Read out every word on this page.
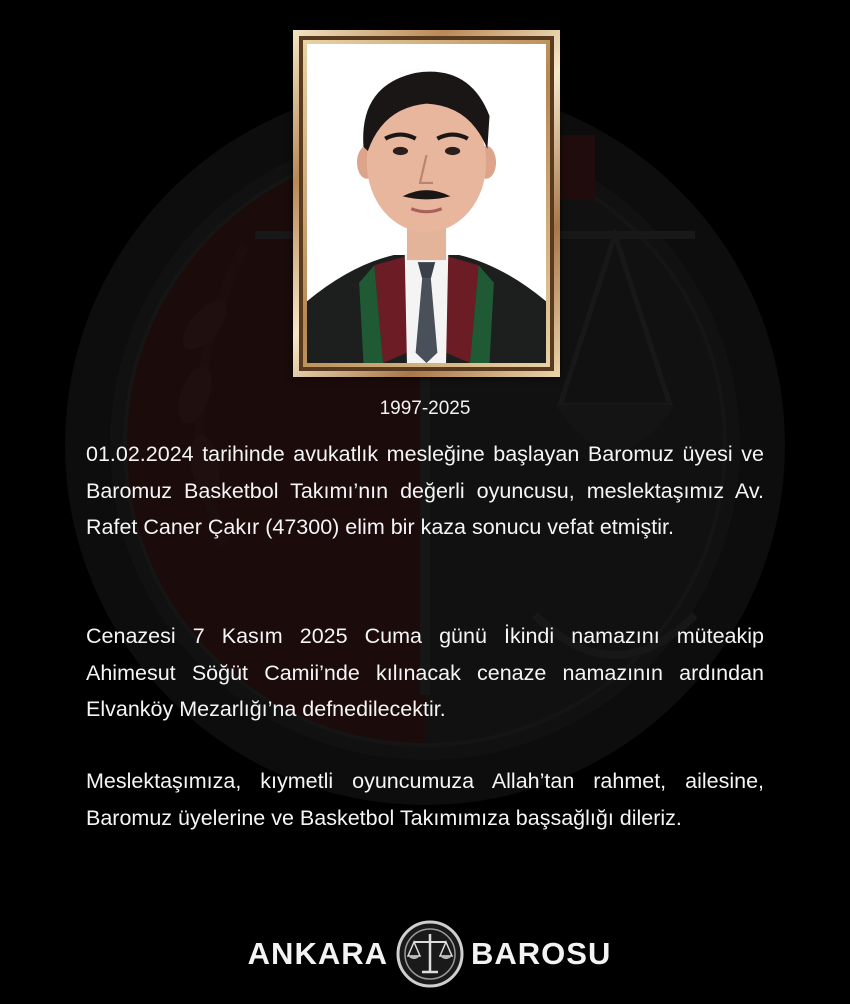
1997-2025

01.02.2024 tarihinde avukatlık mesleğine başlayan Baromuz üyesi ve Baromuz Basketbol Takımı’nın değerli oyuncusu, meslektaşımız Av. Rafet Caner Çakır (47300) elim bir kaza sonucu vefat etmiştir.

Cenazesi 7 Kasım 2025 Cuma günü İkindi namazını müteakip Ahimesut Söğüt Camii’nde kılınacak cenaze namazının ardından Elvanköy Mezarlığı’na defnedilecektir.

Meslektaşımıza, kıymetli oyuncumuza Allah’tan rahmet, ailesine, Baromuz üyelerine ve Basketbol Takımımıza başsağlığı dileriz.

ANKARA	BAROSU
